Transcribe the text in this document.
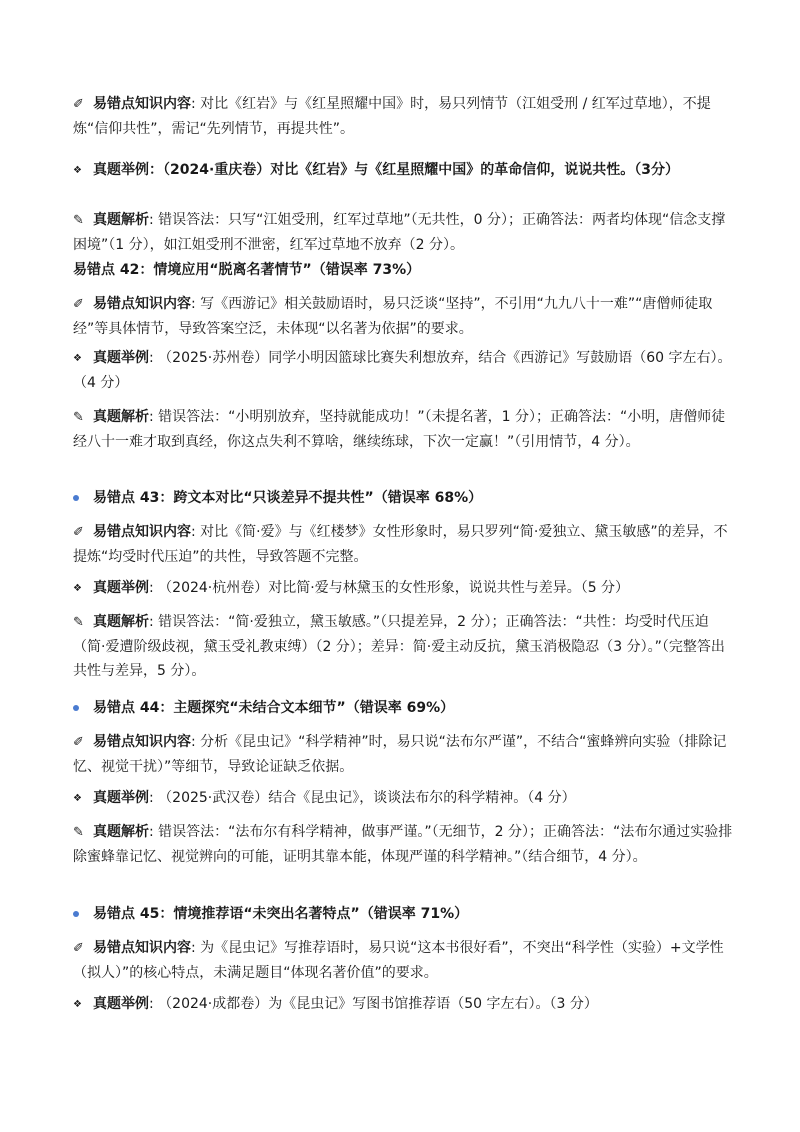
✐ 易错点知识内容: 对比《红岩》与《红星照耀中国》时，易只列情节（江姐受刑 / 红军过草地），不提炼“信仰共性”，需记“先列情节，再提共性”。

❖ 真题举例：（2024·重庆卷）对比《红岩》与《红星照耀中国》的革命信仰，说说共性。（3分）

✎ 真题解析: 错误答法：只写“江姐受刑，红军过草地”（无共性，0 分）；正确答法：两者均体现“信念支撑困境”（1 分），如江姐受刑不泄密，红军过草地不放弃（2 分）。

易错点 42：情境应用“脱离名著情节”（错误率 73%）

✐ 易错点知识内容: 写《西游记》相关鼓励语时，易只泛谈“坚持”，不引用“九九八十一难”“唐僧师徒取经”等具体情节，导致答案空泛，未体现“以名著为依据”的要求。

❖ 真题举例: （2025·苏州卷）同学小明因篮球比赛失利想放弃，结合《西游记》写鼓励语（60 字左右）。（4 分）

✎ 真题解析: 错误答法：“小明别放弃，坚持就能成功！”（未提名著，1 分）；正确答法：“小明，唐僧师徒经八十一难才取到真经，你这点失利不算啥，继续练球，下次一定赢！”（引用情节，4 分）。

易错点 43：跨文本对比“只谈差异不提共性”（错误率 68%）

✐ 易错点知识内容: 对比《简·爱》与《红楼梦》女性形象时，易只罗列“简·爱独立、黛玉敏感”的差异，不提炼“均受时代压迫”的共性，导致答题不完整。

❖ 真题举例: （2024·杭州卷）对比简·爱与林黛玉的女性形象，说说共性与差异。（5 分）

✎ 真题解析: 错误答法：“简·爱独立，黛玉敏感。”（只提差异，2 分）；正确答法：“共性：均受时代压迫（简·爱遭阶级歧视，黛玉受礼教束缚）（2 分）；差异：简·爱主动反抗，黛玉消极隐忍（3 分）。”（完整答出共性与差异，5 分）。

易错点 44：主题探究“未结合文本细节”（错误率 69%）

✐ 易错点知识内容: 分析《昆虫记》“科学精神”时，易只说“法布尔严谨”，不结合“蜜蜂辨向实验（排除记忆、视觉干扰）”等细节，导致论证缺乏依据。

❖ 真题举例: （2025·武汉卷）结合《昆虫记》，谈谈法布尔的科学精神。（4 分）

✎ 真题解析: 错误答法：“法布尔有科学精神，做事严谨。”（无细节，2 分）；正确答法：“法布尔通过实验排除蜜蜂靠记忆、视觉辨向的可能，证明其靠本能，体现严谨的科学精神。”（结合细节，4 分）。

易错点 45：情境推荐语“未突出名著特点”（错误率 71%）

✐ 易错点知识内容: 为《昆虫记》写推荐语时，易只说“这本书很好看”，不突出“科学性（实验）+文学性（拟人）”的核心特点，未满足题目“体现名著价值”的要求。

❖ 真题举例: （2024·成都卷）为《昆虫记》写图书馆推荐语（50 字左右）。（3 分）
